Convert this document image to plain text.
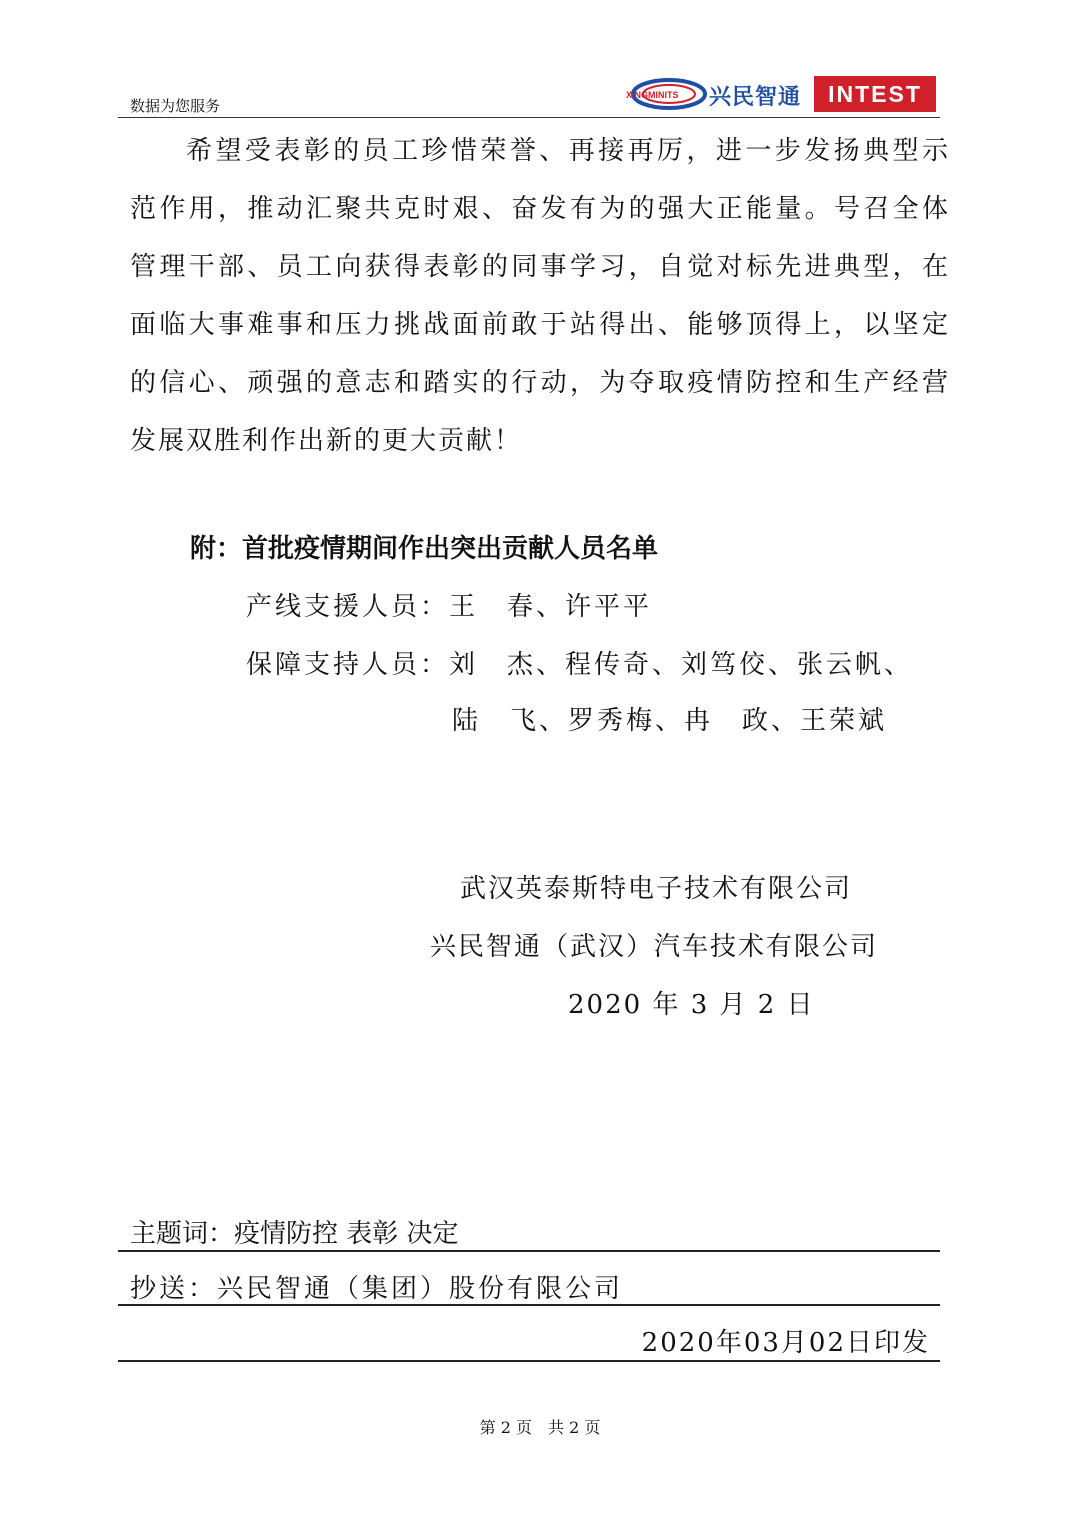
数据为您服务
XINGMINITS 兴民智通	INTEST
希望受表彰的员工珍惜荣誉、再接再厉，进一步发扬典型示
范作用，推动汇聚共克时艰、奋发有为的强大正能量。号召全体
管理干部、员工向获得表彰的同事学习，自觉对标先进典型，在
面临大事难事和压力挑战面前敢于站得出、能够顶得上，以坚定
的信心、顽强的意志和踏实的行动，为夺取疫情防控和生产经营
发展双胜利作出新的更大贡献！
附：首批疫情期间作出突出贡献人员名单
产线支援人员：王　春、许平平
保障支持人员：刘　杰、程传奇、刘笃佼、张云帆、
陆　飞、罗秀梅、冉　政、王荣斌
武汉英泰斯特电子技术有限公司
兴民智通（武汉）汽车技术有限公司
2020 年 3 月 2 日
主题词：疫情防控 表彰 决定
抄送：兴民智通（集团）股份有限公司
2020年03月02日印发
第 2 页　共 2 页
